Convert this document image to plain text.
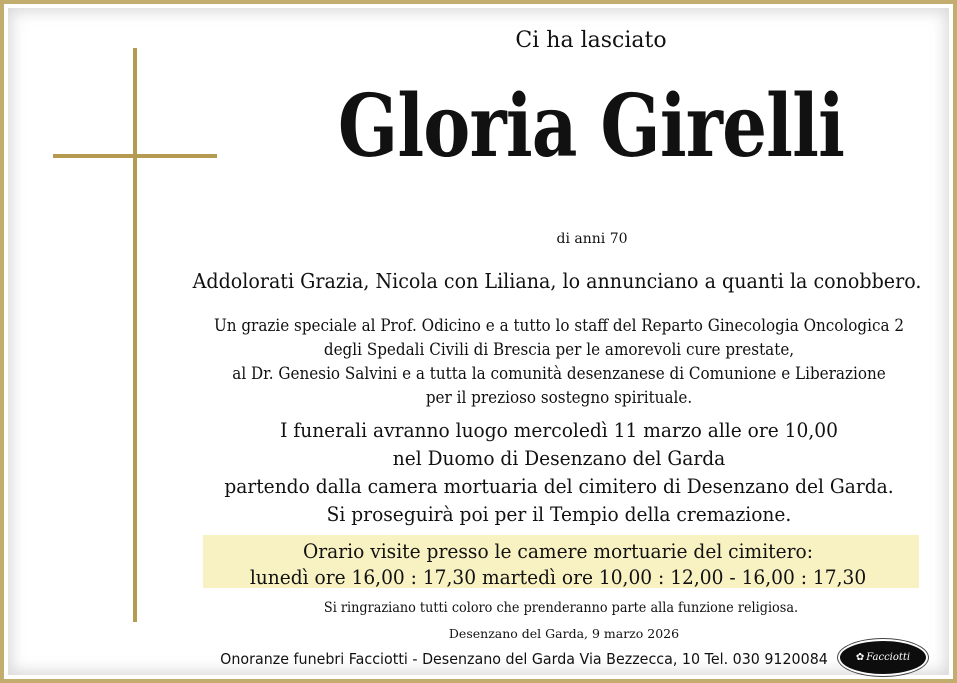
Ci ha lasciato
Gloria Girelli
di anni 70
Addolorati Grazia, Nicola con Liliana, lo annunciano a quanti la conobbero.
Un grazie speciale al Prof. Odicino e a tutto lo staff del Reparto Ginecologia Oncologica 2
degli Spedali Civili di Brescia per le amorevoli cure prestate,
al Dr. Genesio Salvini e a tutta la comunità desenzanese di Comunione e Liberazione
per il prezioso sostegno spirituale.
I funerali avranno luogo mercoledì 11 marzo alle ore 10,00
nel Duomo di Desenzano del Garda
partendo dalla camera mortuaria del cimitero di Desenzano del Garda.
Si proseguirà poi per il Tempio della cremazione.
Orario visite presso le camere mortuarie del cimitero:
lunedì ore 16,00 : 17,30 martedì ore 10,00 : 12,00 - 16,00 : 17,30
Si ringraziano tutti coloro che prenderanno parte alla funzione religiosa.
Desenzano del Garda, 9 marzo 2026
Onoranze funebri Facciotti - Desenzano del Garda Via Bezzecca, 10 Tel. 030 9120084	✿ Facciotti
